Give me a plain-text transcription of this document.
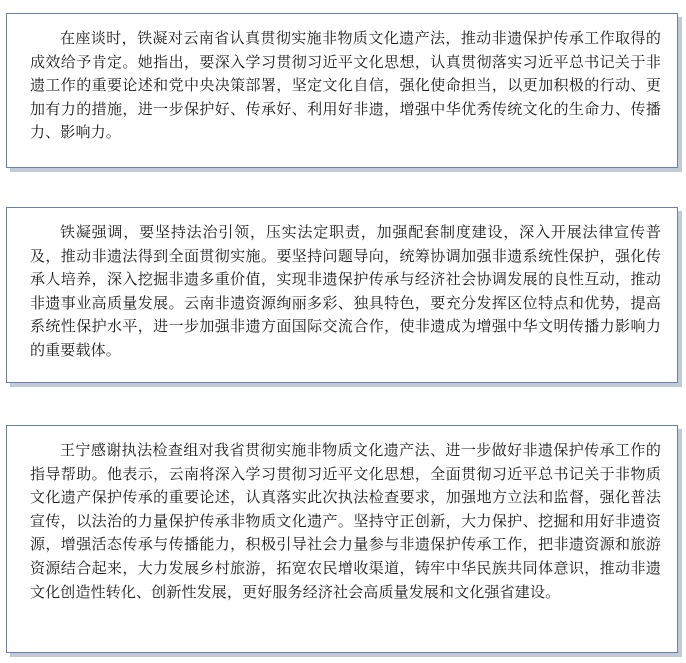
在座谈时，铁凝对云南省认真贯彻实施非物质文化遗产法，推动非遗保护传承工作取得的成效给予肯定。她指出，要深入学习贯彻习近平文化思想，认真贯彻落实习近平总书记关于非遗工作的重要论述和党中央决策部署，坚定文化自信，强化使命担当，以更加积极的行动、更加有力的措施，进一步保护好、传承好、利用好非遗，增强中华优秀传统文化的生命力、传播力、影响力。

铁凝强调，要坚持法治引领，压实法定职责，加强配套制度建设，深入开展法律宣传普及，推动非遗法得到全面贯彻实施。要坚持问题导向，统筹协调加强非遗系统性保护，强化传承人培养，深入挖掘非遗多重价值，实现非遗保护传承与经济社会协调发展的良性互动，推动非遗事业高质量发展。云南非遗资源绚丽多彩、独具特色，要充分发挥区位特点和优势，提高系统性保护水平，进一步加强非遗方面国际交流合作，使非遗成为增强中华文明传播力影响力的重要载体。

王宁感谢执法检查组对我省贯彻实施非物质文化遗产法、进一步做好非遗保护传承工作的指导帮助。他表示，云南将深入学习贯彻习近平文化思想，全面贯彻习近平总书记关于非物质文化遗产保护传承的重要论述，认真落实此次执法检查要求，加强地方立法和监督，强化普法宣传，以法治的力量保护传承非物质文化遗产。坚持守正创新，大力保护、挖掘和用好非遗资源，增强活态传承与传播能力，积极引导社会力量参与非遗保护传承工作，把非遗资源和旅游资源结合起来，大力发展乡村旅游，拓宽农民增收渠道，铸牢中华民族共同体意识，推动非遗文化创造性转化、创新性发展，更好服务经济社会高质量发展和文化强省建设。
